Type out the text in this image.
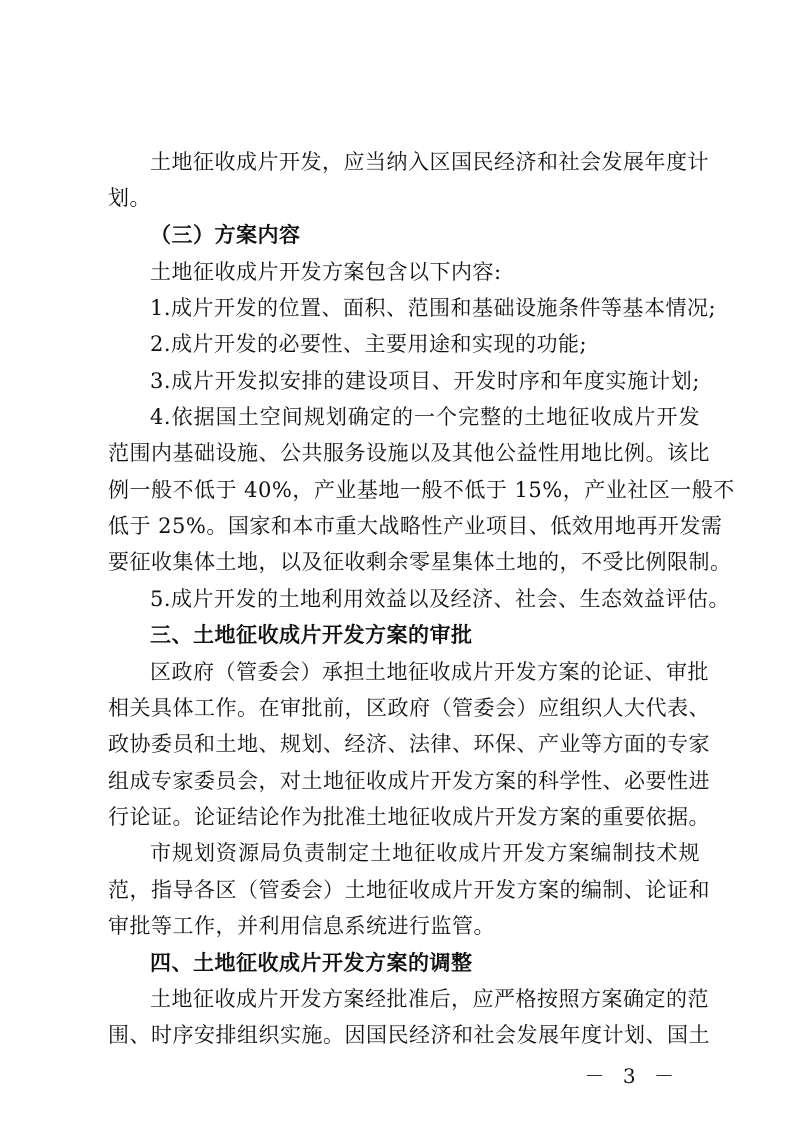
土地征收成片开发，应当纳入区国民经济和社会发展年度计
划。
（三）方案内容
土地征收成片开发方案包含以下内容:
1.成片开发的位置、面积、范围和基础设施条件等基本情况;
2.成片开发的必要性、主要用途和实现的功能;
3.成片开发拟安排的建设项目、开发时序和年度实施计划;
4.依据国土空间规划确定的一个完整的土地征收成片开发
范围内基础设施、公共服务设施以及其他公益性用地比例。该比
例一般不低于 40%，产业基地一般不低于 15%，产业社区一般不
低于 25%。国家和本市重大战略性产业项目、低效用地再开发需
要征收集体土地，以及征收剩余零星集体土地的，不受比例限制。
5.成片开发的土地利用效益以及经济、社会、生态效益评估。
三、土地征收成片开发方案的审批
区政府（管委会）承担土地征收成片开发方案的论证、审批
相关具体工作。在审批前，区政府（管委会）应组织人大代表、
政协委员和土地、规划、经济、法律、环保、产业等方面的专家
组成专家委员会，对土地征收成片开发方案的科学性、必要性进
行论证。论证结论作为批准土地征收成片开发方案的重要依据。
市规划资源局负责制定土地征收成片开发方案编制技术规
范，指导各区（管委会）土地征收成片开发方案的编制、论证和
审批等工作，并利用信息系统进行监管。
四、土地征收成片开发方案的调整
土地征收成片开发方案经批准后，应严格按照方案确定的范
围、时序安排组织实施。因国民经济和社会发展年度计划、国土
－ 3 －
